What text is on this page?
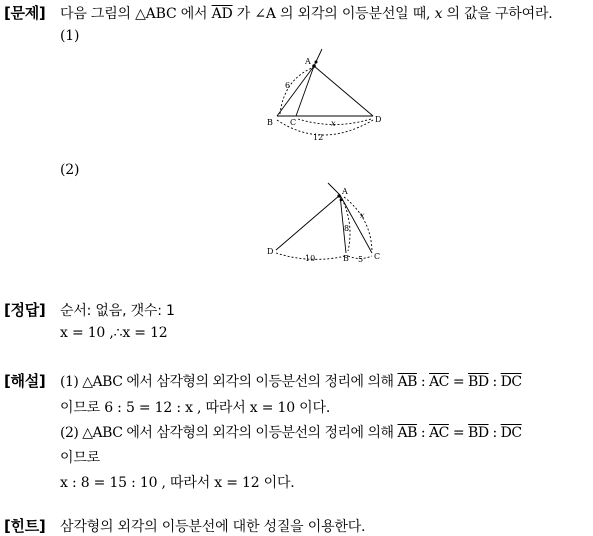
[문제] 다음 그림의 △ABC 에서 $\overline{AD}$ 가 ∠A 의 외각의 이등분선일 때, x 의 값을 구하여라.
(1)
A
B C	D
6
x
12
(2)
A
B	C
D
8
x
10	5
[정답] 순서: 없음, 갯수: 1
x = 10 ,∴x = 12
[해설] (1) △ABC 에서 삼각형의 외각의 이등분선의 정리에 의해 $\overline{AB}$ : $\overline{AC} = \overline{BD}$ : $\overline{DC}$
이므로 6 : 5 = 12 : x , 따라서 x = 10 이다.
(2) △ABC 에서 삼각형의 외각의 이등분선의 정리에 의해 $\overline{AB}$ : $\overline{AC} = \overline{BD}$ : $\overline{DC}$
이므로
x : 8 = 15 : 10 , 따라서 x = 12 이다.
[힌트] 삼각형의 외각의 이등분선에 대한 성질을 이용한다.
